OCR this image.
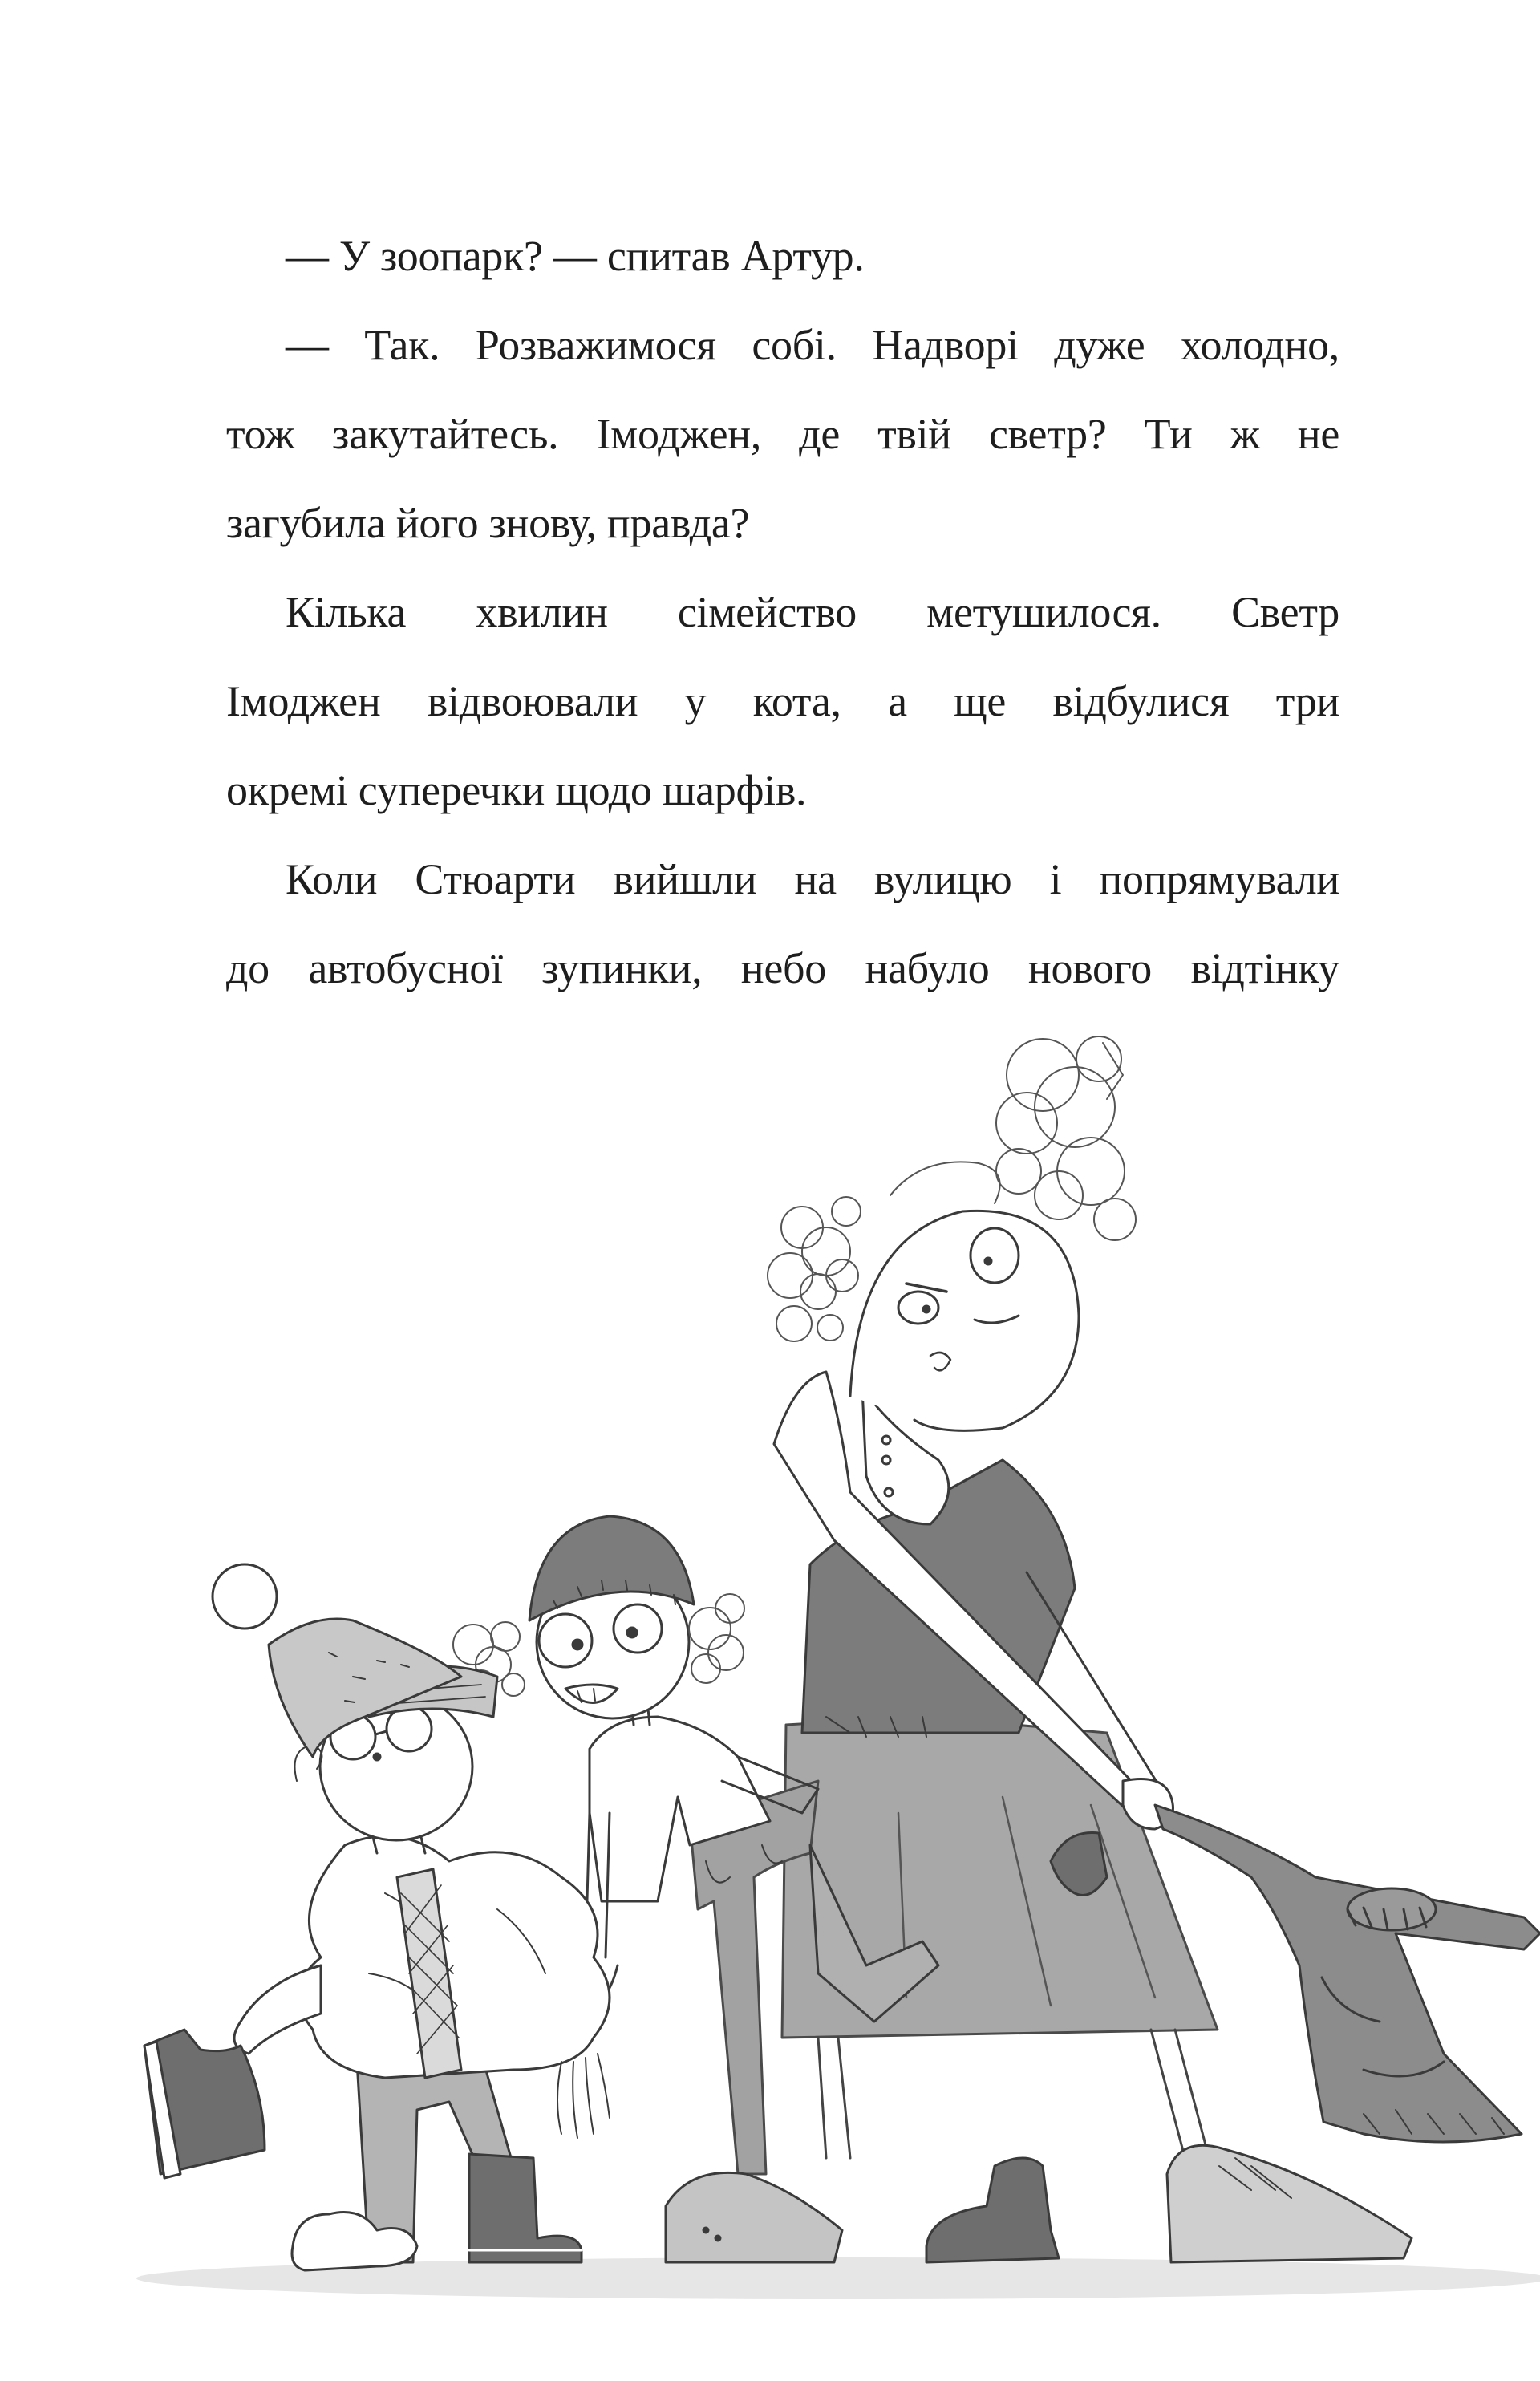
— У зоопарк? — спитав Артур.
— Так. Розважимося собі. Надворі дуже холодно,
тож закутайтесь. Імоджен, де твій светр? Ти ж не
загубила його знову, правда?
Кілька хвилин сімейство метушилося. Светр
Імоджен відвоювали у кота, а ще відбулися три
окремі суперечки щодо шарфів.
Коли Стюарти вийшли на вулицю і попрямували
до автобусної зупинки, небо набуло нового відтінку
